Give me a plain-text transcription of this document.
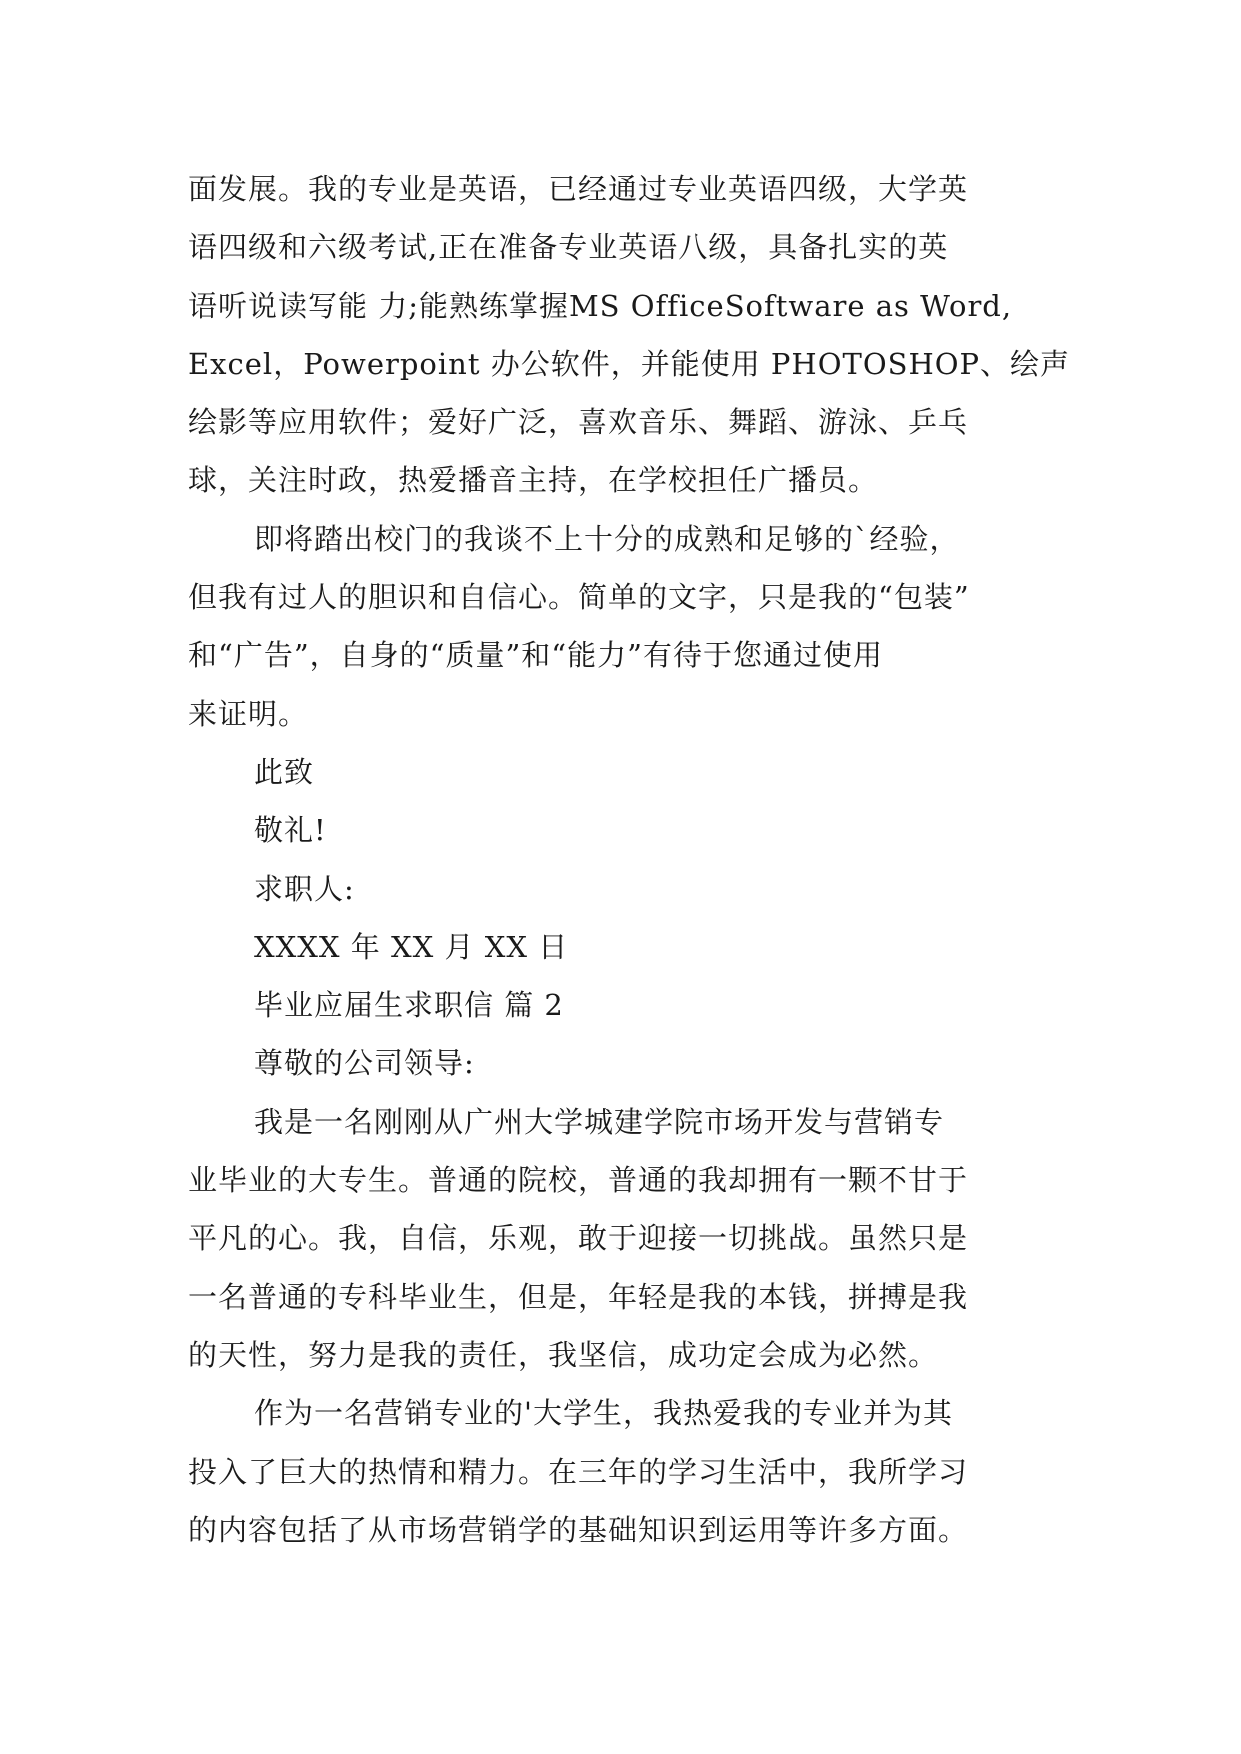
面发展。我的专业是英语，已经通过专业英语四级，大学英
语四级和六级考试,正在准备专业英语八级，具备扎实的英
语听说读写能 力;能熟练掌握MS OfficeSoftware as Word,
Excel，Powerpoint 办公软件，并能使用 PHOTOSHOP、绘声
绘影等应用软件；爱好广泛，喜欢音乐、舞蹈、游泳、乒乓
球，关注时政，热爱播音主持，在学校担任广播员。
即将踏出校门的我谈不上十分的成熟和足够的`经验，
但我有过人的胆识和自信心。简单的文字，只是我的“包装”
和“广告”，自身的“质量”和“能力”有待于您通过使用
来证明。
此致
敬礼!
求职人:
XXXX 年 XX 月 XX 日
毕业应届生求职信 篇 2
尊敬的公司领导:
我是一名刚刚从广州大学城建学院市场开发与营销专
业毕业的大专生。普通的院校，普通的我却拥有一颗不甘于
平凡的心。我，自信，乐观，敢于迎接一切挑战。虽然只是
一名普通的专科毕业生，但是，年轻是我的本钱，拼搏是我
的天性，努力是我的责任，我坚信，成功定会成为必然。
作为一名营销专业的'大学生，我热爱我的专业并为其
投入了巨大的热情和精力。在三年的学习生活中，我所学习
的内容包括了从市场营销学的基础知识到运用等许多方面。
